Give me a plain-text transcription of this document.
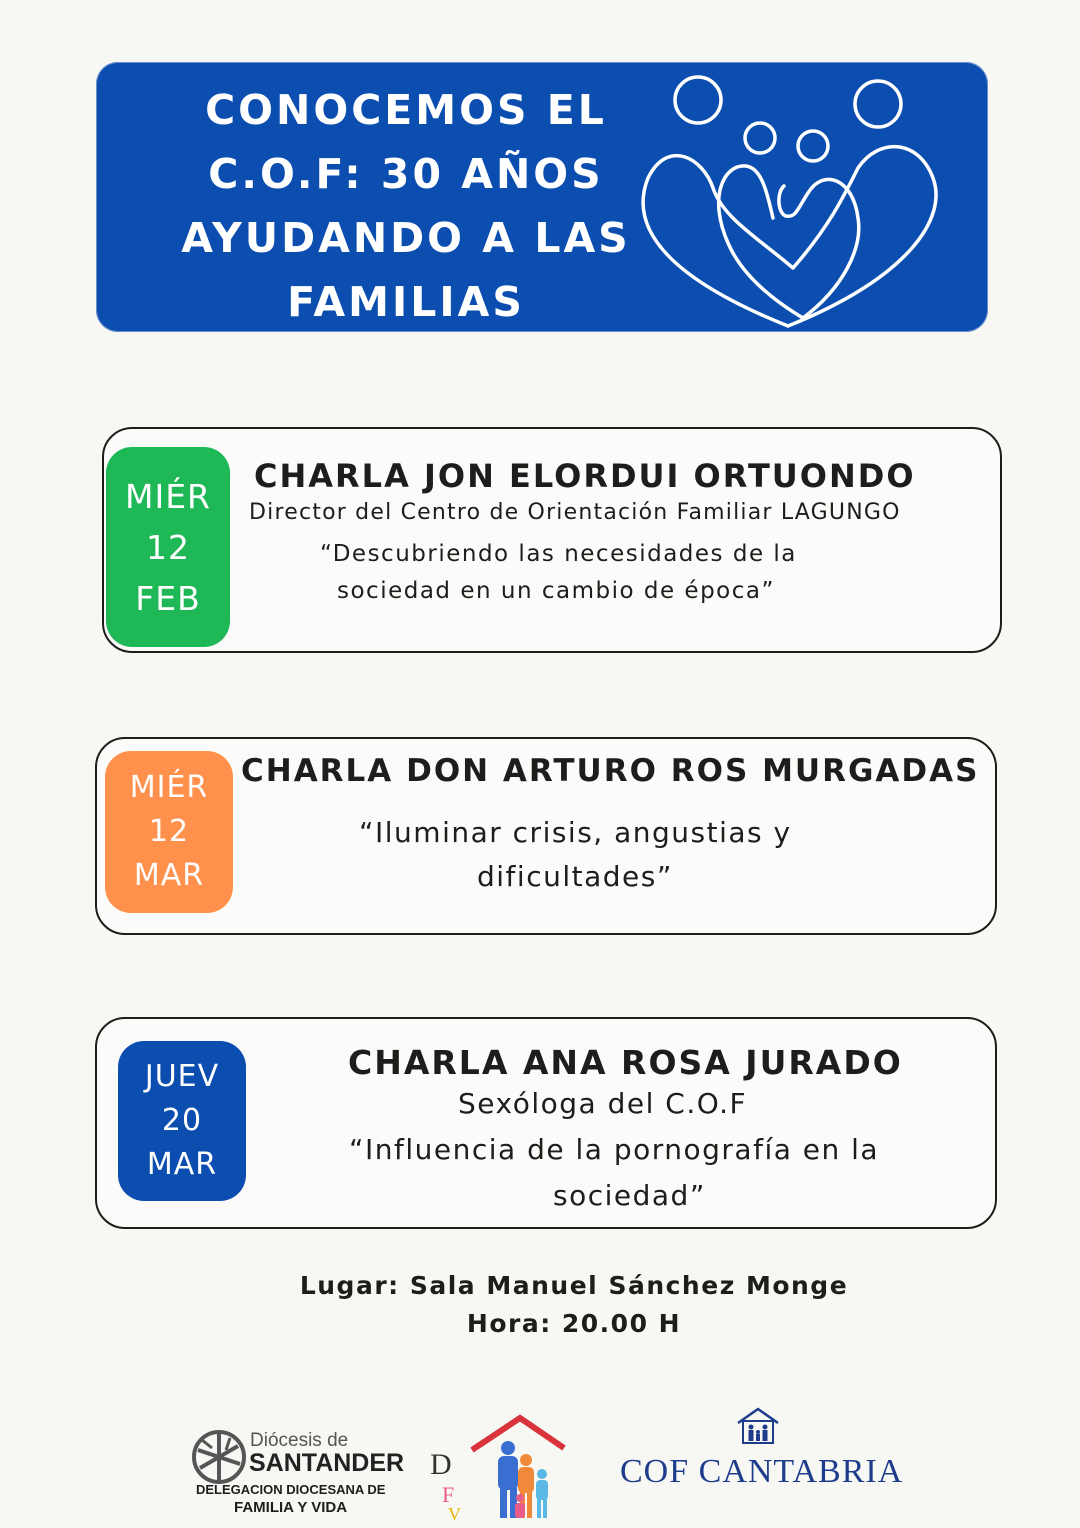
CONOCEMOS EL
C.O.F: 30 AÑOS
AYUDANDO A LAS
FAMILIAS
MIÉR
12
FEB
CHARLA JON ELORDUI ORTUONDO
Director del Centro de Orientación Familiar LAGUNGO
“Descubriendo las necesidades de la
sociedad en un cambio de época”
MIÉR
12
MAR
CHARLA DON ARTURO ROS MURGADAS
“Iluminar crisis, angustias y
dificultades”
JUEV
20
MAR
CHARLA ANA ROSA JURADO
Sexóloga del C.O.F
“Influencia de la pornografía en la
sociedad”
Lugar: Sala Manuel Sánchez Monge
Hora: 20.00 H
Diócesis de
SANTANDER
DELEGACION DIOCESANA DE
FAMILIA Y VIDA
D
F
V
COF CANTABRIA
